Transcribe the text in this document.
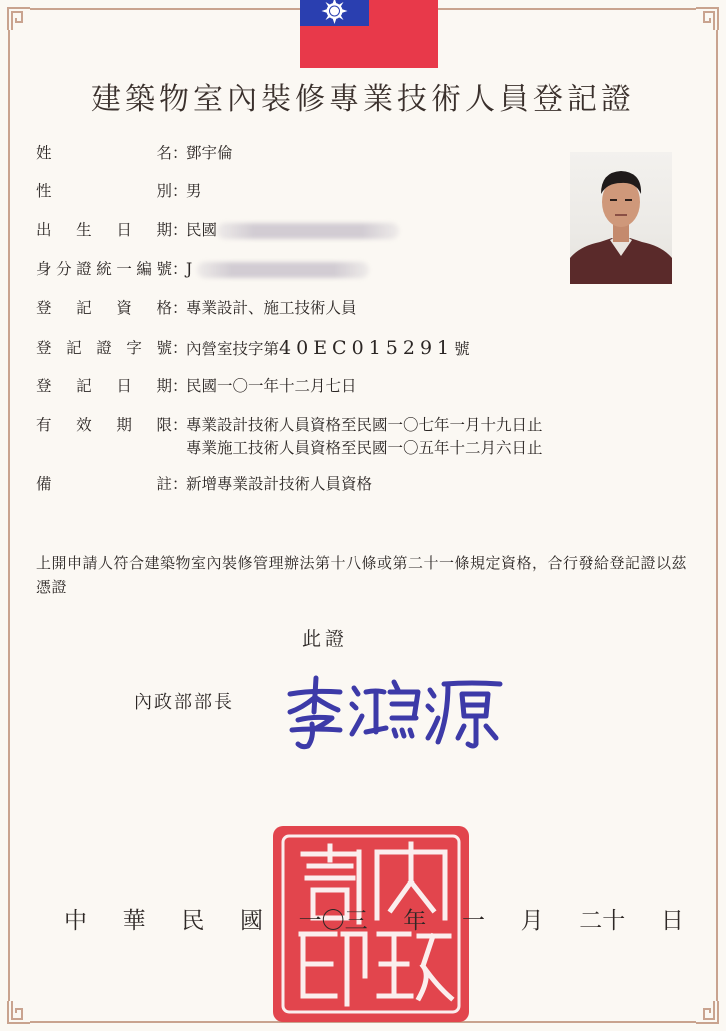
建築物室內裝修專業技術人員登記證
姓	名 ：
鄧宇倫
性	別 ：
男
出 生 日 期 ：
民國
身 分 證 統 一 編 號 ：
J
登 記 資 格 ：
專業設計、施工技術人員
登 記 證 字 號 ：
內營室技字第40EC015291號
登 記 日 期 ：
民國一〇一年十二月七日
有 效 期 限 ：
專業設計技術人員資格至民國一〇七年一月十九日止
專業施工技術人員資格至民國一〇五年十二月六日止
備	註 ：
新增專業設計技術人員資格
上開申請人符合建築物室內裝修管理辦法第十八條或第二十一條規定資格，合行發給登記證以茲憑證
此證
內政部部長
中 華 民 國 一〇三 年 一 月 二十 日
